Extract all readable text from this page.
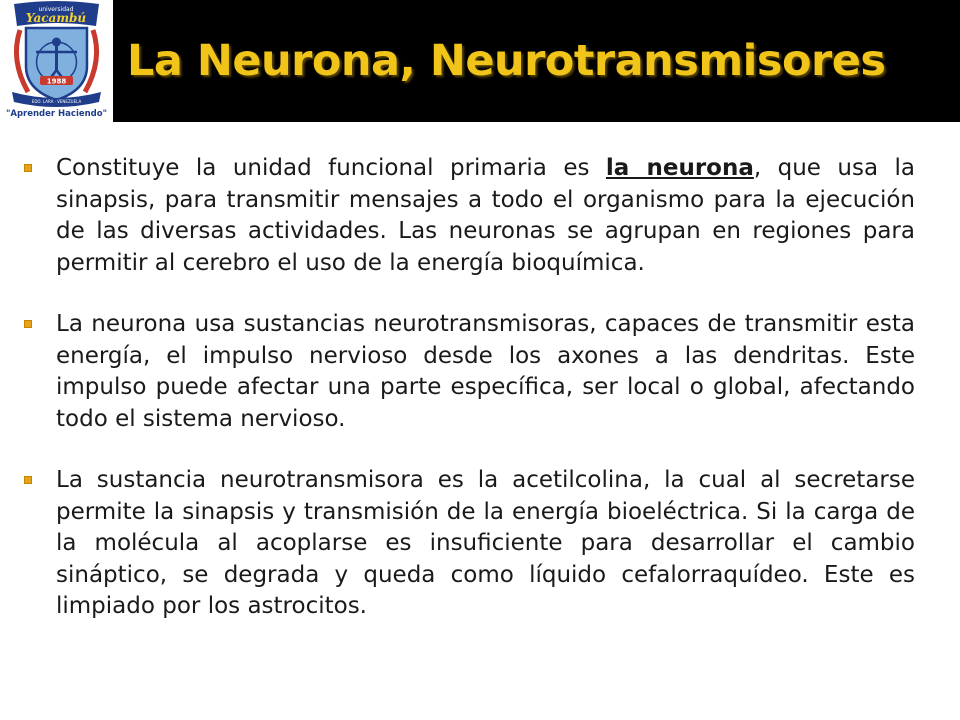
universidad
Yacambú
1988
EDO. LARA · VENEZUELA
"Aprender Haciendo"
La Neurona, Neurotransmisores
Constituye la unidad funcional primaria es la neurona, que usa la sinapsis, para transmitir mensajes a todo el organismo para la ejecución de las diversas actividades. Las neuronas se agrupan en regiones para permitir al cerebro el uso de la energía bioquímica.
La neurona usa sustancias neurotransmisoras, capaces de transmitir esta energía, el impulso nervioso desde los axones a las dendritas. Este impulso puede afectar una parte específica, ser local o global, afectando todo el sistema nervioso.
La sustancia neurotransmisora es la acetilcolina, la cual al secretarse permite la sinapsis y transmisión de la energía bioeléctrica. Si la carga de la molécula al acoplarse es insuficiente para desarrollar el cambio sináptico, se degrada y queda como líquido cefalorraquídeo. Este es limpiado por los astrocitos.
